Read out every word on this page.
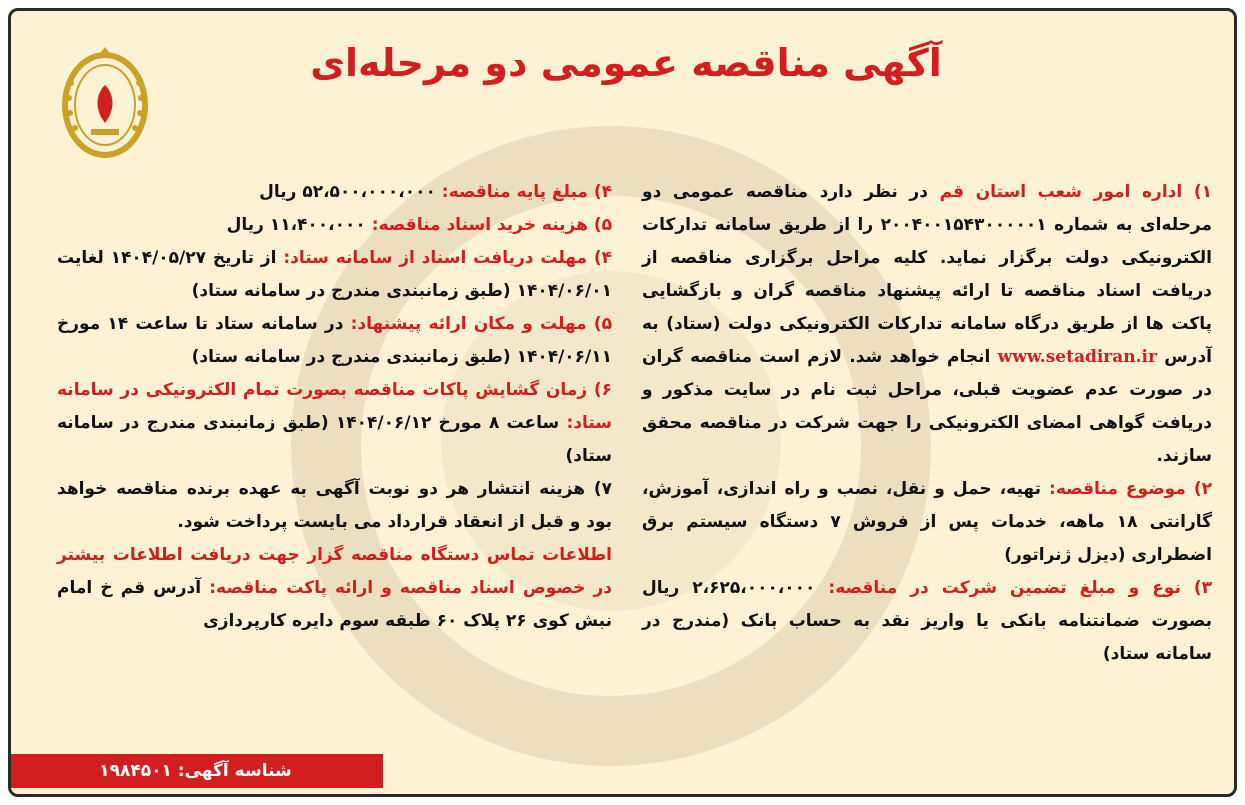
آگهی مناقصه عمومی دو مرحله‌ای
۱) اداره امور شعب استان قم در نظر دارد مناقصه عمومی دو مرحله‌ای به شماره ۲۰۰۴۰۰۱۵۴۳۰۰۰۰۰۱ را از طریق سامانه تدارکات الکترونیکی دولت برگزار نماید. کلیه مراحل برگزاری مناقصه از دریافت اسناد مناقصه تا ارائه پیشنهاد مناقصه گران و بازگشایی پاکت ها از طریق درگاه سامانه تدارکات الکترونیکی دولت (ستاد) به آدرس www.setadiran.ir انجام خواهد شد. لازم است مناقصه گران در صورت عدم عضویت قبلی، مراحل ثبت نام در سایت مذکور و دریافت گواهی امضای الکترونیکی را جهت شرکت در مناقصه محقق سازند.
۲) موضوع مناقصه: تهیه، حمل و نقل، نصب و راه اندازی، آموزش، گارانتی ۱۸ ماهه، خدمات پس از فروش ۷ دستگاه سیستم برق اضطراری (دیزل ژنراتور)
۳) نوع و مبلغ تضمین شرکت در مناقصه: ۲،۶۲۵،۰۰۰،۰۰۰ ریال بصورت ضمانتنامه بانکی یا واریز نقد به حساب بانک (مندرج در سامانه ستاد)
۴) مبلغ پایه مناقصه: ۵۲،۵۰۰،۰۰۰،۰۰۰ ریال
۵) هزینه خرید اسناد مناقصه: ۱۱،۴۰۰،۰۰۰ ریال
۴) مهلت دریافت اسناد از سامانه ستاد: از تاریخ ۱۴۰۴/۰۵/۲۷ لغایت ۱۴۰۴/۰۶/۰۱ (طبق زمانبندی مندرج در سامانه ستاد)
۵) مهلت و مکان ارائه پیشنهاد: در سامانه ستاد تا ساعت ۱۴ مورخ ۱۴۰۴/۰۶/۱۱ (طبق زمانبندی مندرج در سامانه ستاد)
۶) زمان گشایش پاکات مناقصه بصورت تمام الکترونیکی در سامانه ستاد: ساعت ۸ مورخ ۱۴۰۴/۰۶/۱۲ (طبق زمانبندی مندرج در سامانه ستاد)
۷) هزینه انتشار هر دو نوبت آگهی به عهده برنده مناقصه خواهد بود و قبل از انعقاد قرارداد می بایست پرداخت شود.
اطلاعات تماس دستگاه مناقصه گزار جهت دریافت اطلاعات بیشتر در خصوص اسناد مناقصه و ارائه پاکت مناقصه: آدرس قم خ امام نبش کوی ۲۶ پلاک ۶۰ طبقه سوم دایره کارپردازی
شناسه آگهی: ۱۹۸۴۵۰۱
